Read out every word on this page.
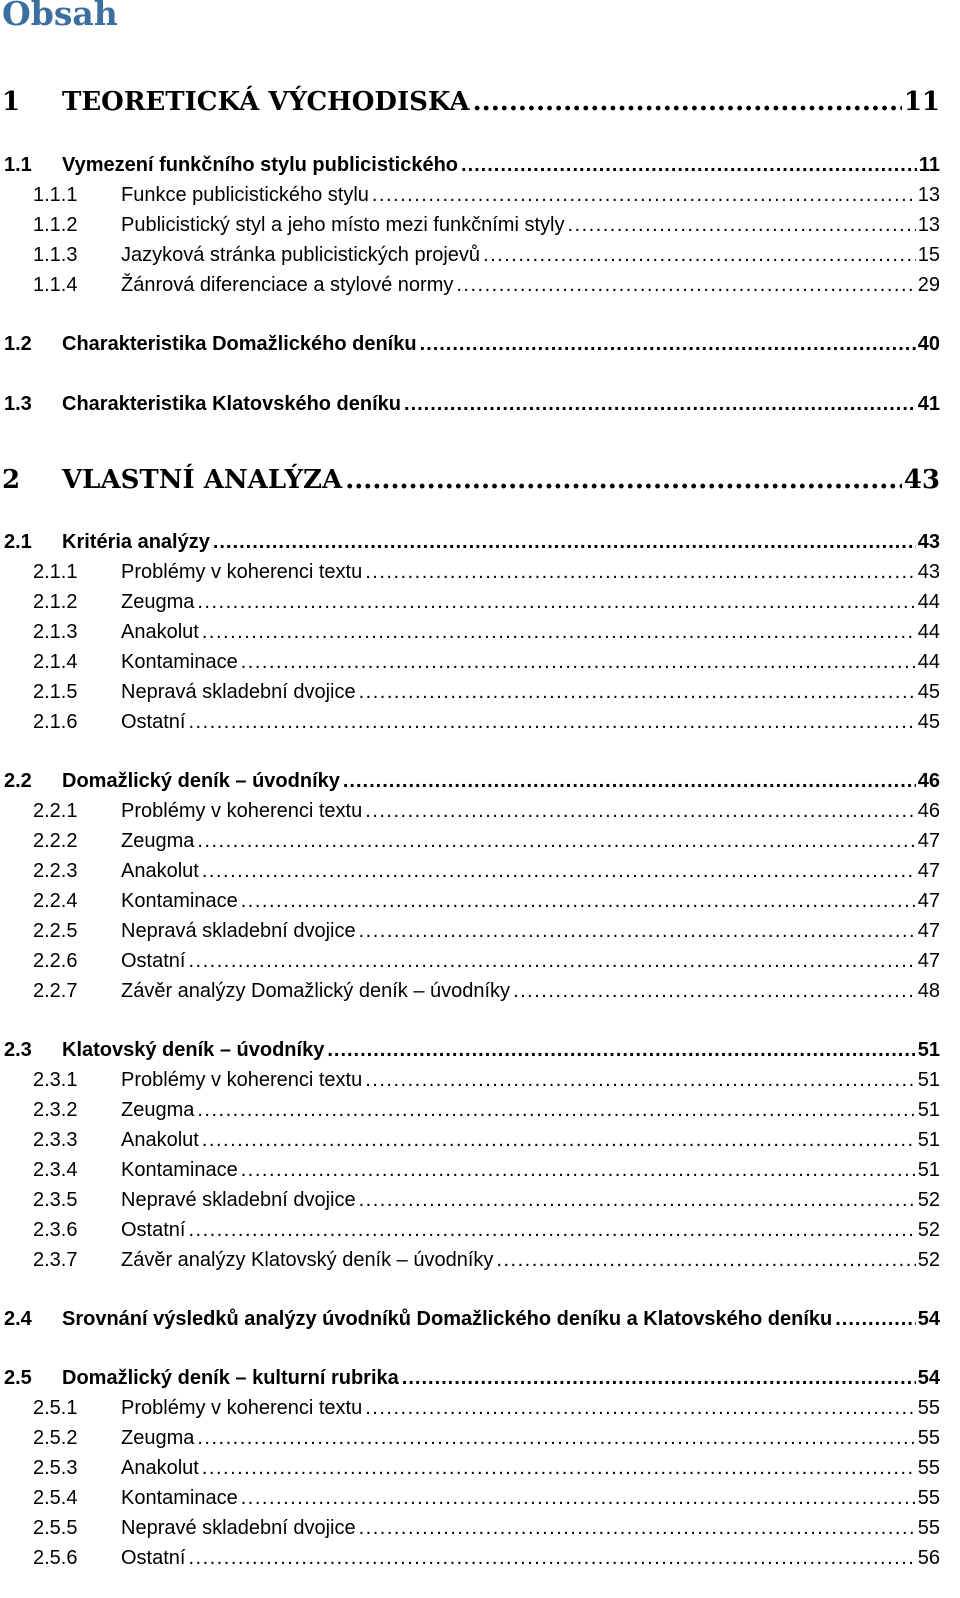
Obsah
1	TEORETICKÁ VÝCHODISKA .....	11
1.1	Vymezení funkčního stylu publicistického .....	11
1.1.1	Funkce publicistického stylu .....	13
1.1.2	Publicistický styl a jeho místo mezi funkčními styly .....	13
1.1.3	Jazyková stránka publicistických projevů .....	15
1.1.4	Žánrová diferenciace a stylové normy .....	29
1.2	Charakteristika Domažlického deníku .....	40
1.3	Charakteristika Klatovského deníku .....	41
2	VLASTNÍ ANALÝZA .....	43
2.1	Kritéria analýzy .....	43
2.1.1	Problémy v koherenci textu .....	43
2.1.2	Zeugma .....	44
2.1.3	Anakolut .....	44
2.1.4	Kontaminace .....	44
2.1.5	Nepravá skladební dvojice .....	45
2.1.6	Ostatní .....	45
2.2	Domažlický deník – úvodníky .....	46
2.2.1	Problémy v koherenci textu .....	46
2.2.2	Zeugma .....	47
2.2.3	Anakolut .....	47
2.2.4	Kontaminace .....	47
2.2.5	Nepravá skladební dvojice .....	47
2.2.6	Ostatní .....	47
2.2.7	Závěr analýzy Domažlický deník – úvodníky .....	48
2.3	Klatovský deník – úvodníky .....	51
2.3.1	Problémy v koherenci textu .....	51
2.3.2	Zeugma .....	51
2.3.3	Anakolut .....	51
2.3.4	Kontaminace .....	51
2.3.5	Nepravé skladební dvojice .....	52
2.3.6	Ostatní .....	52
2.3.7	Závěr analýzy Klatovský deník – úvodníky .....	52
2.4	Srovnání výsledků analýzy úvodníků Domažlického deníku a Klatovského deníku .....	54
2.5	Domažlický deník – kulturní rubrika .....	54
2.5.1	Problémy v koherenci textu .....	55
2.5.2	Zeugma .....	55
2.5.3	Anakolut .....	55
2.5.4	Kontaminace .....	55
2.5.5	Nepravé skladební dvojice .....	55
2.5.6	Ostatní .....	56
